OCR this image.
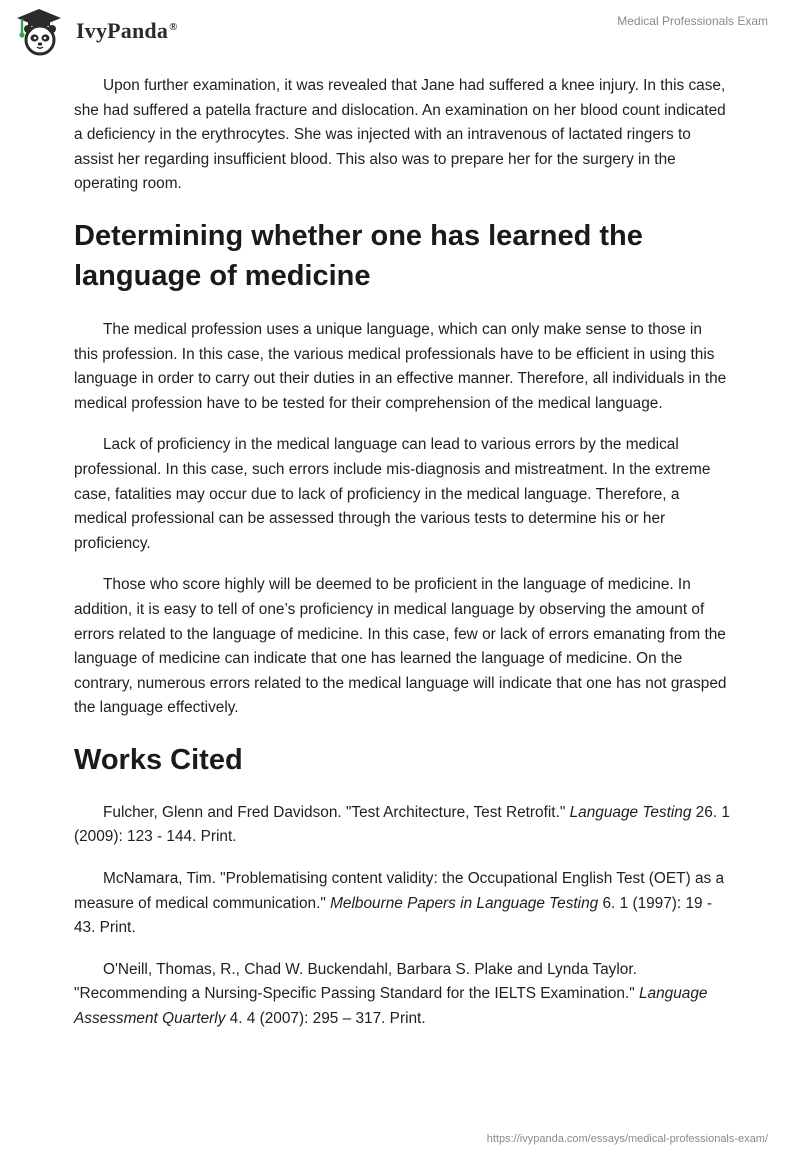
IvyPanda®	Medical Professionals Exam

Upon further examination, it was revealed that Jane had suffered a knee injury. In this case, she had suffered a patella fracture and dislocation. An examination on her blood count indicated a deficiency in the erythrocytes. She was injected with an intravenous of lactated ringers to assist her regarding insufficient blood. This also was to prepare her for the surgery in the operating room.

Determining whether one has learned the language of medicine

The medical profession uses a unique language, which can only make sense to those in this profession. In this case, the various medical professionals have to be efficient in using this language in order to carry out their duties in an effective manner. Therefore, all individuals in the medical profession have to be tested for their comprehension of the medical language.

Lack of proficiency in the medical language can lead to various errors by the medical professional. In this case, such errors include mis-diagnosis and mistreatment. In the extreme case, fatalities may occur due to lack of proficiency in the medical language. Therefore, a medical professional can be assessed through the various tests to determine his or her proficiency.

Those who score highly will be deemed to be proficient in the language of medicine. In addition, it is easy to tell of one’s proficiency in medical language by observing the amount of errors related to the language of medicine. In this case, few or lack of errors emanating from the language of medicine can indicate that one has learned the language of medicine. On the contrary, numerous errors related to the medical language will indicate that one has not grasped the language effectively.

Works Cited

Fulcher, Glenn and Fred Davidson. "Test Architecture, Test Retrofit." Language Testing 26. 1 (2009): 123 - 144. Print.

McNamara, Tim. "Problematising content validity: the Occupational English Test (OET) as a measure of medical communication." Melbourne Papers in Language Testing 6. 1 (1997): 19 - 43. Print.

O'Neill, Thomas, R., Chad W. Buckendahl, Barbara S. Plake and Lynda Taylor. "Recommending a Nursing-Specific Passing Standard for the IELTS Examination." Language Assessment Quarterly 4. 4 (2007): 295 – 317. Print.

https://ivypanda.com/essays/medical-professionals-exam/
